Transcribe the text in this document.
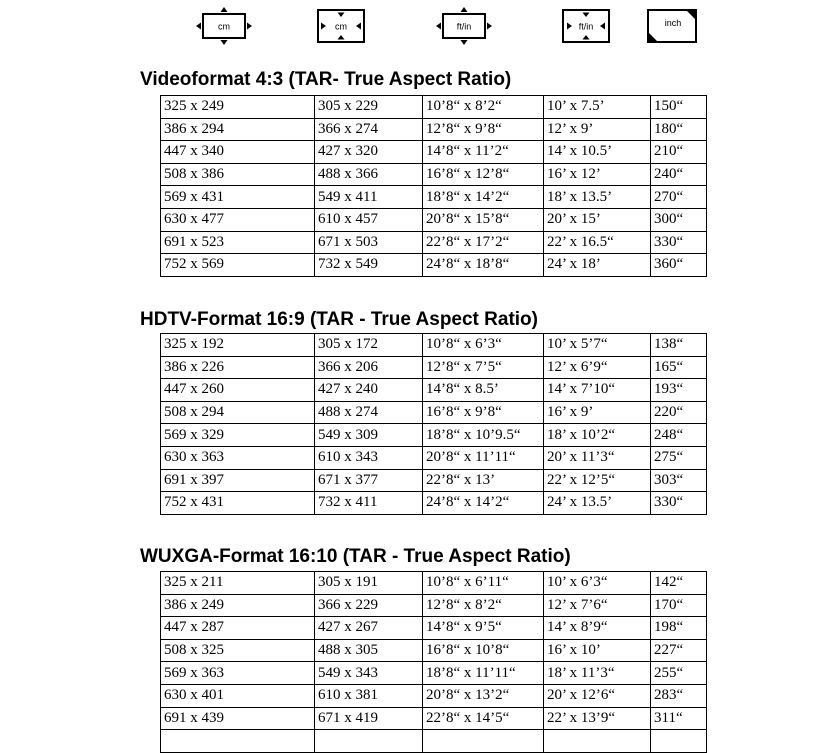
cm	cm	ft/in	ft/in	inch
Videoformat 4:3 (TAR- True Aspect Ratio)
325 x 249	305 x 229	10’8“ x 8’2“	10’ x 7.5’	150“
386 x 294	366 x 274	12’8“ x 9’8“	12’ x 9’	180“
447 x 340	427 x 320	14’8“ x 11’2“	14’ x 10.5’	210“
508 x 386	488 x 366	16’8“ x 12’8“	16’ x 12’	240“
569 x 431	549 x 411	18’8“ x 14’2“	18’ x 13.5’	270“
630 x 477	610 x 457	20’8“ x 15’8“	20’ x 15’	300“
691 x 523	671 x 503	22’8“ x 17’2“	22’ x 16.5“	330“
752 x 569	732 x 549	24’8“ x 18’8“	24’ x 18’	360“
HDTV-Format 16:9 (TAR - True Aspect Ratio)
325 x 192	305 x 172	10’8“ x 6’3“	10’ x 5’7“	138“
386 x 226	366 x 206	12’8“ x 7’5“	12’ x 6’9“	165“
447 x 260	427 x 240	14’8“ x 8.5’	14’ x 7’10“	193“
508 x 294	488 x 274	16’8“ x 9’8“	16’ x 9’	220“
569 x 329	549 x 309	18’8“ x 10’9.5“	18’ x 10’2“	248“
630 x 363	610 x 343	20’8“ x 11’11“	20’ x 11’3“	275“
691 x 397	671 x 377	22’8“ x 13’	22’ x 12’5“	303“
752 x 431	732 x 411	24’8“ x 14’2“	24’ x 13.5’	330“
WUXGA-Format 16:10 (TAR - True Aspect Ratio)
325 x 211	305 x 191	10’8“ x 6’11“	10’ x 6’3“	142“
386 x 249	366 x 229	12’8“ x 8’2“	12’ x 7’6“	170“
447 x 287	427 x 267	14’8“ x 9’5“	14’ x 8’9“	198“
508 x 325	488 x 305	16’8“ x 10’8“	16’ x 10’	227“
569 x 363	549 x 343	18’8“ x 11’11“	18’ x 11’3“	255“
630 x 401	610 x 381	20’8“ x 13’2“	20’ x 12’6“	283“
691 x 439	671 x 419	22’8“ x 14’5“	22’ x 13’9“	311“
